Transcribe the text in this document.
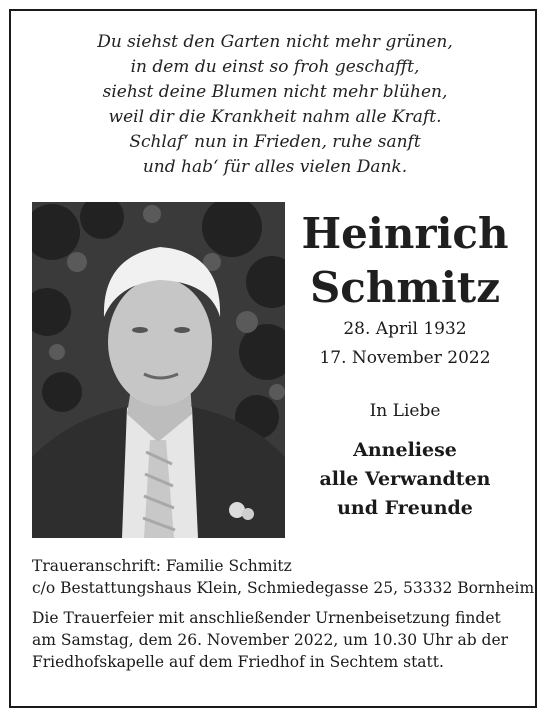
Du siehst den Garten nicht mehr grünen,
in dem du einst so froh geschafft,
siehst deine Blumen nicht mehr blühen,
weil dir die Krankheit nahm alle Kraft.
Schlaf‘ nun in Frieden, ruhe sanft
und hab‘ für alles vielen Dank.
Heinrich
Schmitz
28. April 1932
17. November 2022
In Liebe
Anneliese
alle Verwandten
und Freunde
Traueranschrift: Familie Schmitz
c/o Bestattungshaus Klein, Schmiedegasse 25, 53332 Bornheim
Die Trauerfeier mit anschließender Urnenbeisetzung findet
am Samstag, dem 26. November 2022, um 10.30 Uhr ab der
Friedhofskapelle auf dem Friedhof in Sechtem statt.
